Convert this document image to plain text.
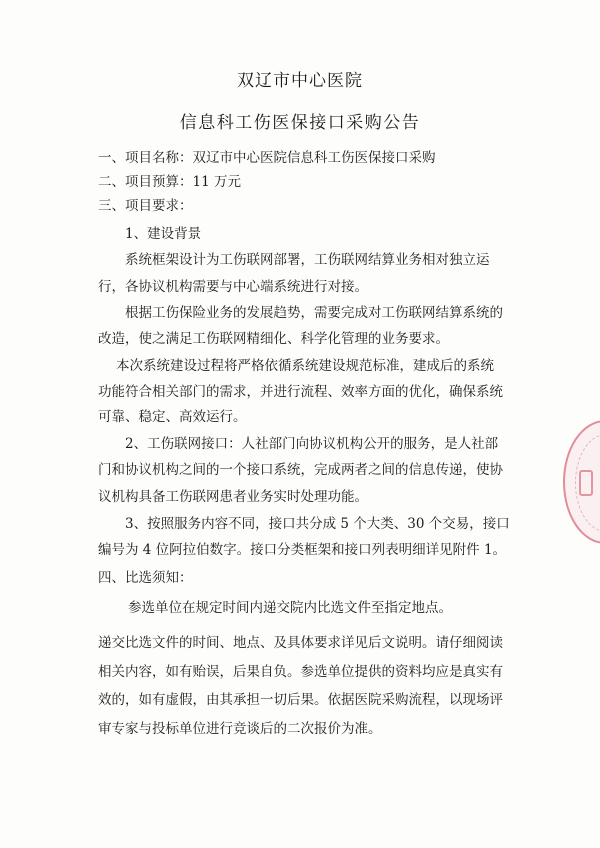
双辽市中心医院
信息科工伤医保接口采购公告
一、项目名称：双辽市中心医院信息科工伤医保接口采购
二、项目预算：11 万元
三、项目要求：
1、建设背景
系统框架设计为工伤联网部署，工伤联网结算业务相对独立运
行，各协议机构需要与中心端系统进行对接。
根据工伤保险业务的发展趋势，需要完成对工伤联网结算系统的
改造，使之满足工伤联网精细化、科学化管理的业务要求。
本次系统建设过程将严格依循系统建设规范标准，建成后的系统
功能符合相关部门的需求，并进行流程、效率方面的优化，确保系统
可靠、稳定、高效运行。
2、工伤联网接口：人社部门向协议机构公开的服务，是人社部
门和协议机构之间的一个接口系统，完成两者之间的信息传递，使协
议机构具备工伤联网患者业务实时处理功能。
3、按照服务内容不同，接口共分成 5 个大类、30 个交易，接口
编号为 4 位阿拉伯数字。接口分类框架和接口列表明细详见附件 1。
四、比选须知：
参选单位在规定时间内递交院内比选文件至指定地点。
递交比选文件的时间、地点、及具体要求详见后文说明。请仔细阅读
相关内容，如有贻误，后果自负。参选单位提供的资料均应是真实有
效的，如有虚假，由其承担一切后果。依据医院采购流程，以现场评
审专家与投标单位进行竞谈后的二次报价为准。
